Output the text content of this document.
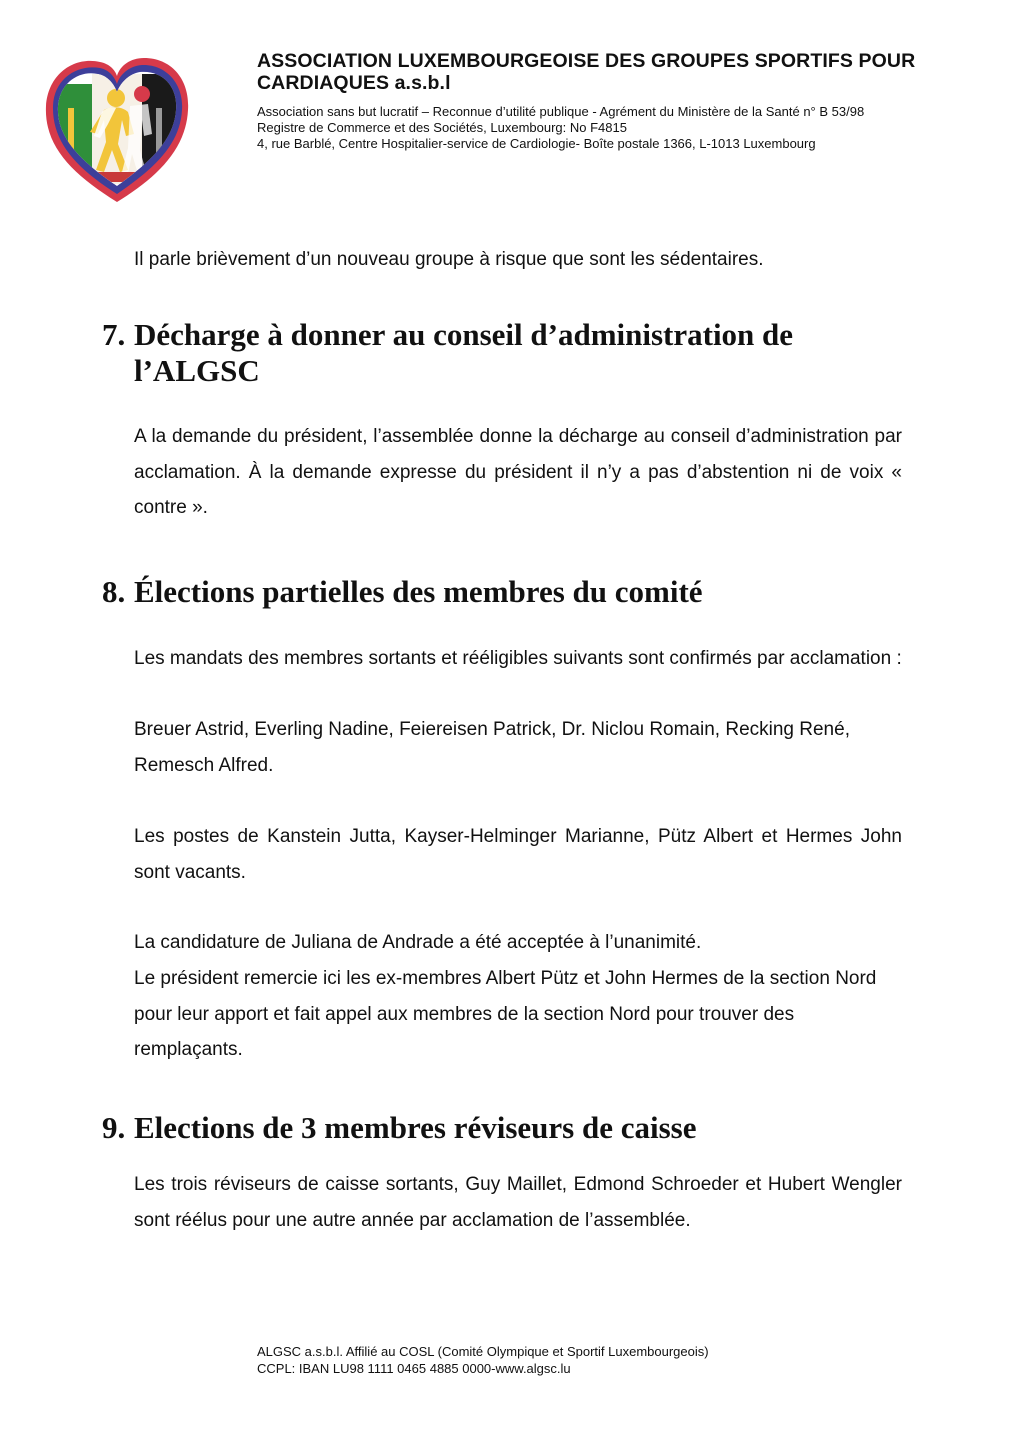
ASSOCIATION LUXEMBOURGEOISE DES GROUPES SPORTIFS POUR CARDIAQUES a.s.b.l

Association sans but lucratif – Reconnue d’utilité publique - Agrément du Ministère de la Santé n° B 53/98

Registre de Commerce et des Sociétés, Luxembourg: No F4815

4, rue Barblé, Centre Hospitalier-service de Cardiologie- Boîte postale 1366, L-1013 Luxembourg

Il parle brièvement d’un nouveau groupe à risque que sont les sédentaires.

A la demande du président, l’assemblée donne la décharge au conseil d’administration par acclamation. À la demande expresse du président il n’y a pas d’abstention ni de voix « contre ».

Les mandats des membres sortants et rééligibles suivants sont confirmés par acclamation :

Breuer Astrid, Everling Nadine, Feiereisen Patrick, Dr. Niclou Romain, Recking René, Remesch Alfred.

Les postes de Kanstein Jutta, Kayser-Helminger Marianne, Pütz Albert et Hermes John sont vacants.

La candidature de Juliana de Andrade a été acceptée à l’unanimité.

Le président remercie ici les ex-membres Albert Pütz et John Hermes de la section Nord pour leur apport et fait appel aux membres de la section Nord pour trouver des remplaçants.

Les trois réviseurs de caisse sortants, Guy Maillet, Edmond Schroeder et Hubert Wengler sont réélus pour une autre année par acclamation de l’assemblée.

7. Décharge à donner au conseil d’administration de l’ALGSC
8. Élections partielles des membres du comité
9. Elections de 3 membres réviseurs de caisse

ALGSC a.s.b.l. Affilié au COSL (Comité Olympique et Sportif Luxembourgeois)

CCPL: IBAN LU98 1111 0465 4885 0000-www.algsc.lu
